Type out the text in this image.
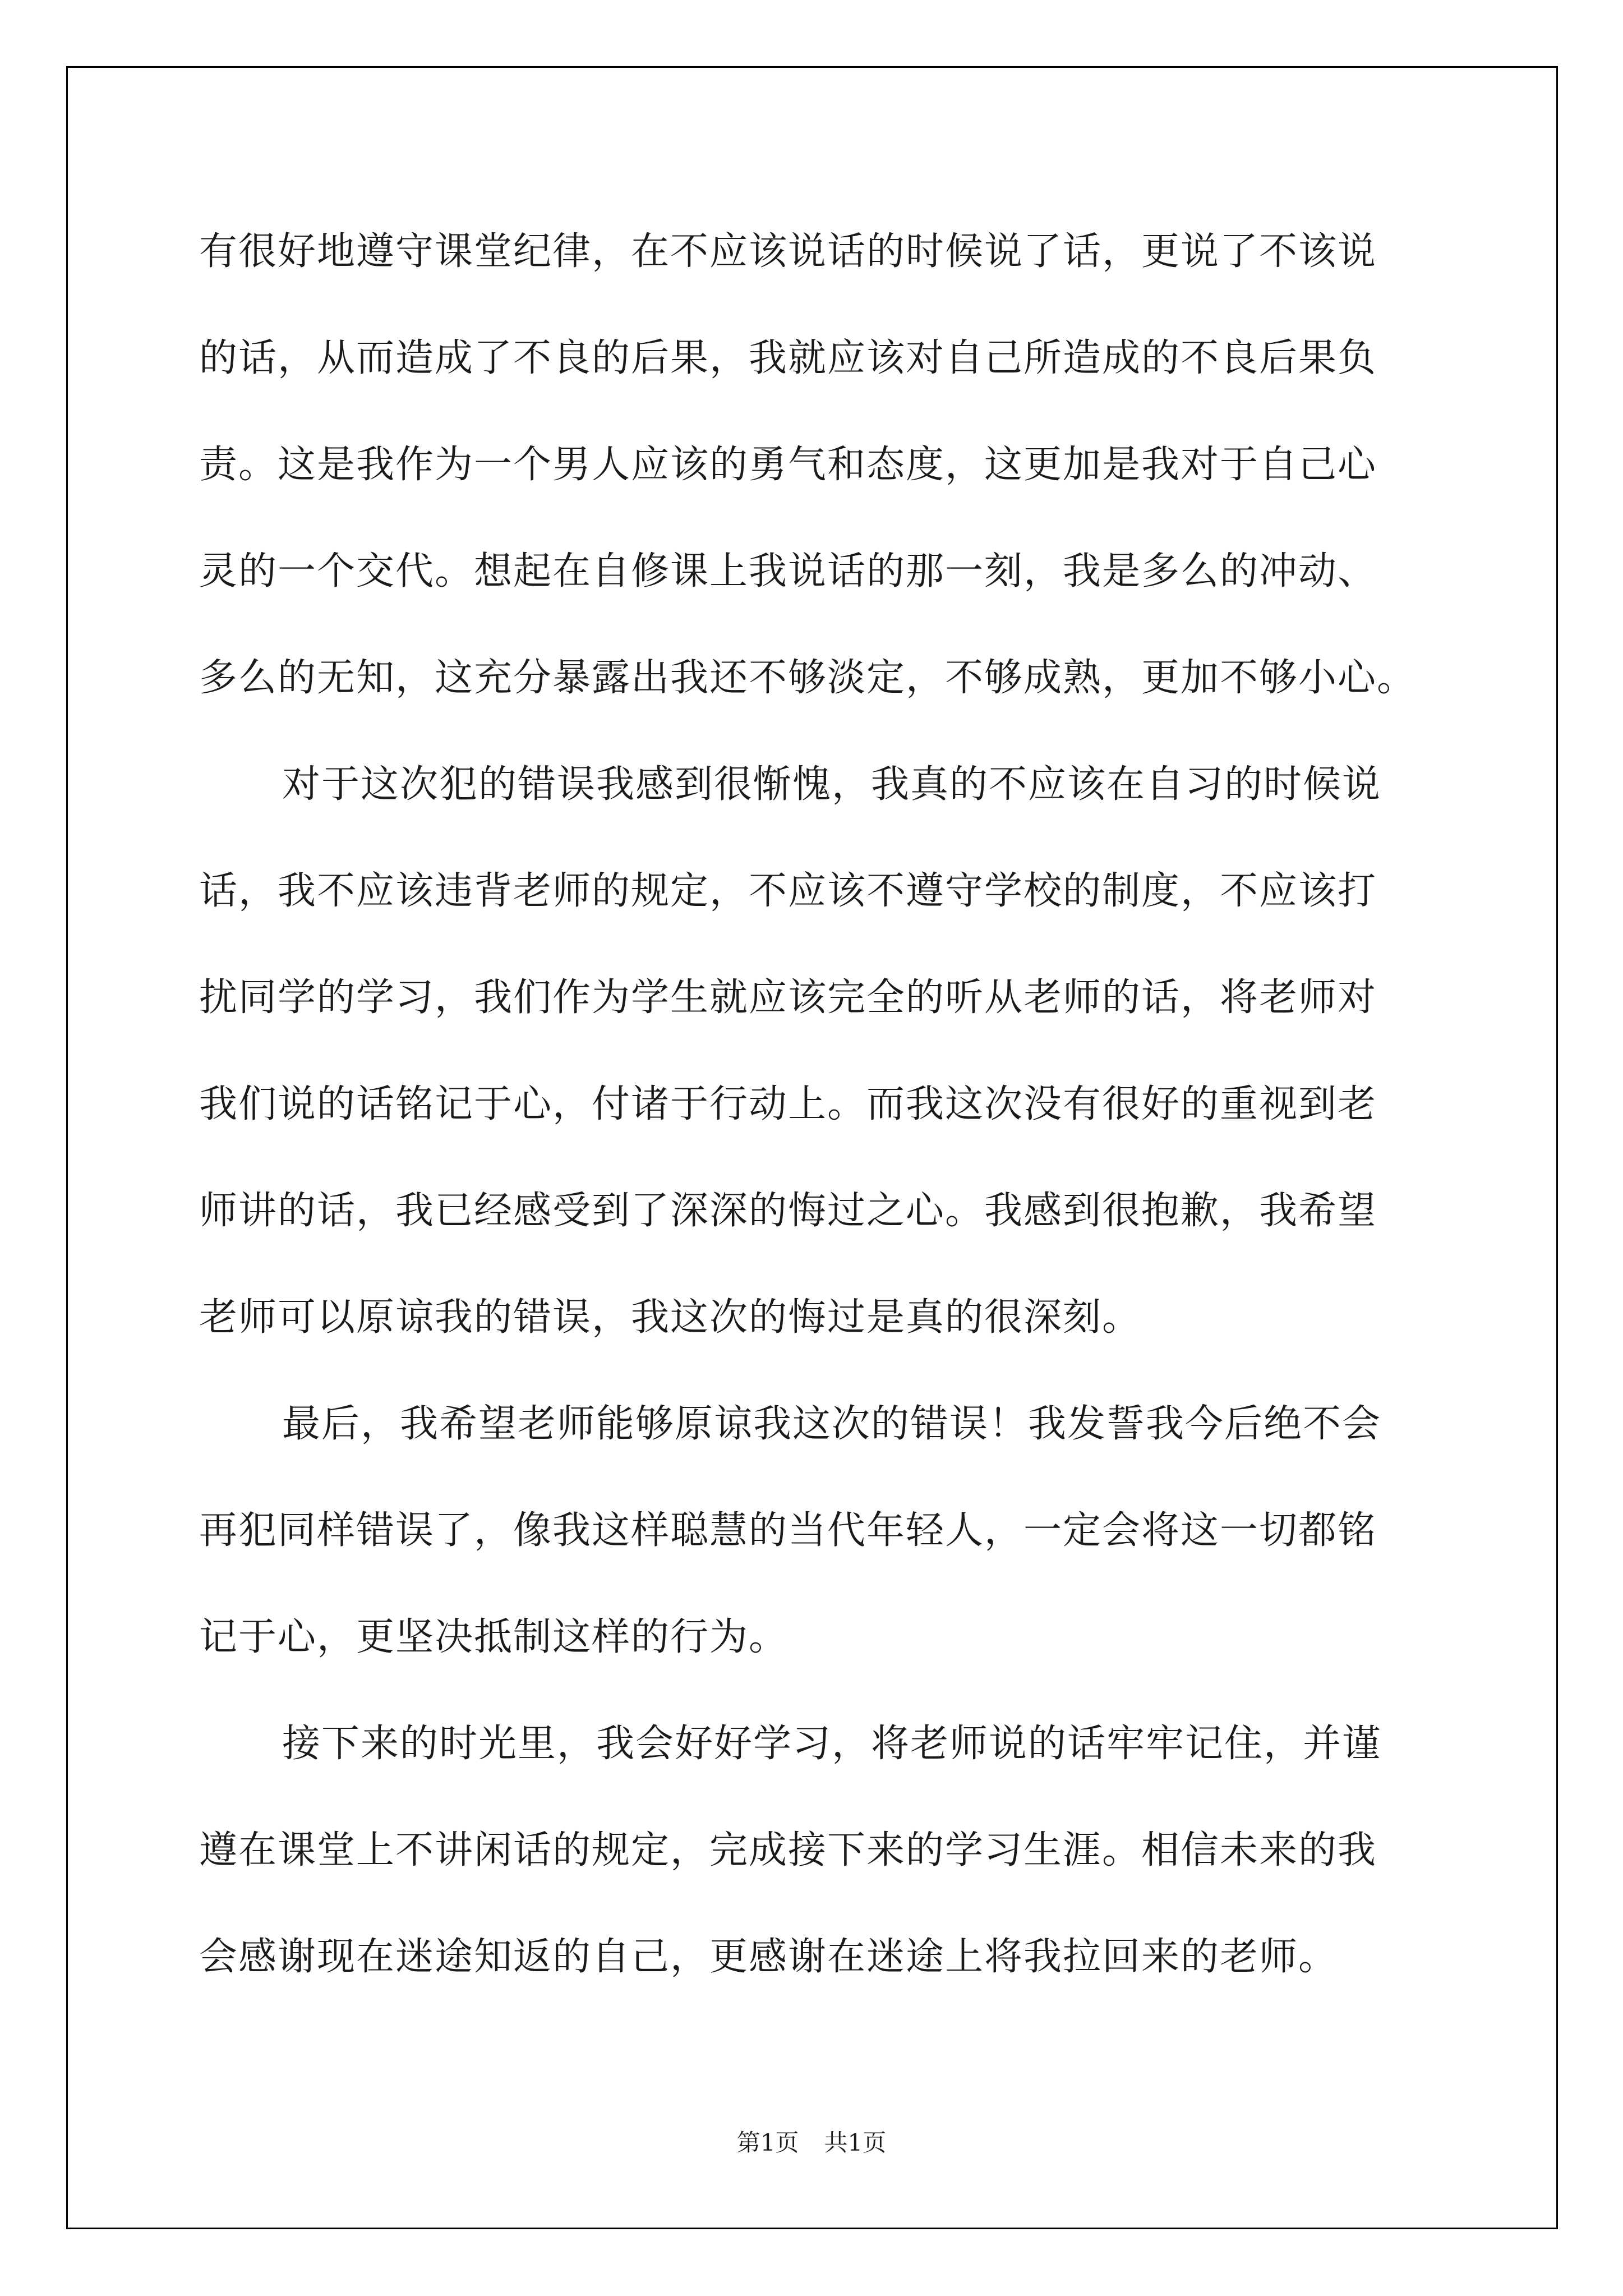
有很好地遵守课堂纪律，在不应该说话的时候说了话，更说了不该说
的话，从而造成了不良的后果，我就应该对自己所造成的不良后果负
责。这是我作为一个男人应该的勇气和态度，这更加是我对于自己心
灵的一个交代。想起在自修课上我说话的那一刻，我是多么的冲动、
多么的无知，这充分暴露出我还不够淡定，不够成熟，更加不够小心。
对于这次犯的错误我感到很惭愧，我真的不应该在自习的时候说
话，我不应该违背老师的规定，不应该不遵守学校的制度，不应该打
扰同学的学习，我们作为学生就应该完全的听从老师的话，将老师对
我们说的话铭记于心，付诸于行动上。而我这次没有很好的重视到老
师讲的话，我已经感受到了深深的悔过之心。我感到很抱歉，我希望
老师可以原谅我的错误，我这次的悔过是真的很深刻。
最后，我希望老师能够原谅我这次的错误！我发誓我今后绝不会
再犯同样错误了，像我这样聪慧的当代年轻人，一定会将这一切都铭
记于心，更坚决抵制这样的行为。
接下来的时光里，我会好好学习，将老师说的话牢牢记住，并谨
遵在课堂上不讲闲话的规定，完成接下来的学习生涯。相信未来的我
会感谢现在迷途知返的自己，更感谢在迷途上将我拉回来的老师。
第1页 共1页
